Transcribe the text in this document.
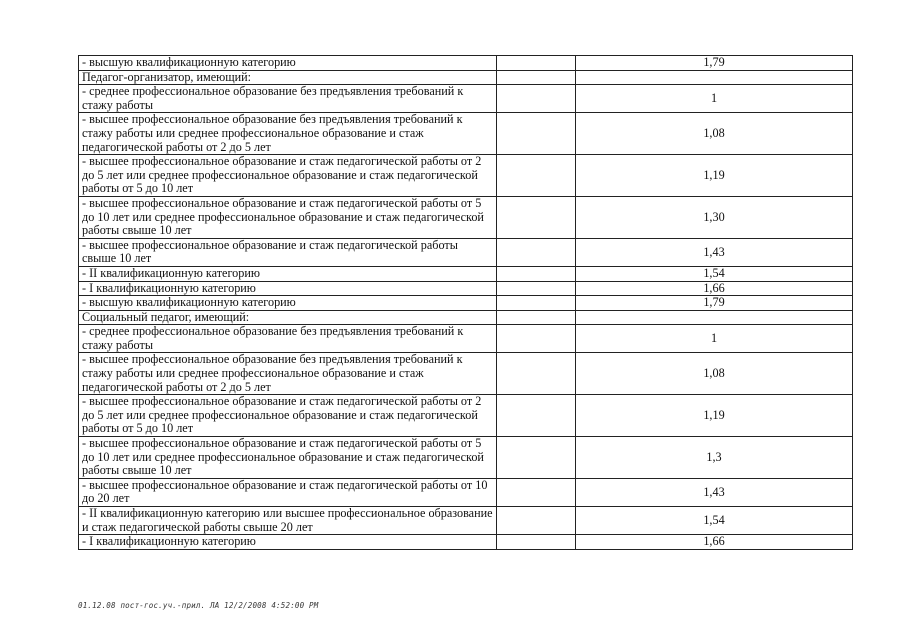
- высшую квалификационную категорию		1,79
Педагог-организатор, имеющий:		
- среднее профессиональное образование без предъявления требований к стажу работы		1
- высшее профессиональное образование без предъявления требований к стажу работы или среднее профессиональное образование и стаж педагогической работы от 2 до 5 лет		1,08
- высшее профессиональное образование и стаж педагогической работы от 2 до 5 лет или среднее профессиональное образование и стаж педагогической работы от 5 до 10 лет		1,19
- высшее профессиональное образование и стаж педагогической работы от 5 до 10 лет или среднее профессиональное образование и стаж педагогической работы свыше 10 лет		1,30
- высшее профессиональное образование и стаж педагогической работы свыше 10 лет		1,43
- II квалификационную категорию		1,54
- I квалификационную категорию		1,66
- высшую квалификационную категорию		1,79
Социальный педагог, имеющий:		
- среднее профессиональное образование без предъявления требований к стажу работы		1
- высшее профессиональное образование без предъявления требований к стажу работы или среднее профессиональное образование и стаж педагогической работы от 2 до 5 лет		1,08
- высшее профессиональное образование и стаж педагогической работы от 2 до 5 лет или среднее профессиональное образование и стаж педагогической работы от 5 до 10 лет		1,19
- высшее профессиональное образование и стаж педагогической работы от 5 до 10 лет или среднее профессиональное образование и стаж педагогической работы свыше 10 лет		1,3
- высшее профессиональное образование и стаж педагогической работы от 10 до 20 лет		1,43
- II квалификационную категорию или высшее профессиональное образование и стаж педагогической работы свыше 20 лет		1,54
- I квалификационную категорию		1,66
01.12.08 пост-гос.уч.-прил. ЛА 12/2/2008 4:52:00 PM
